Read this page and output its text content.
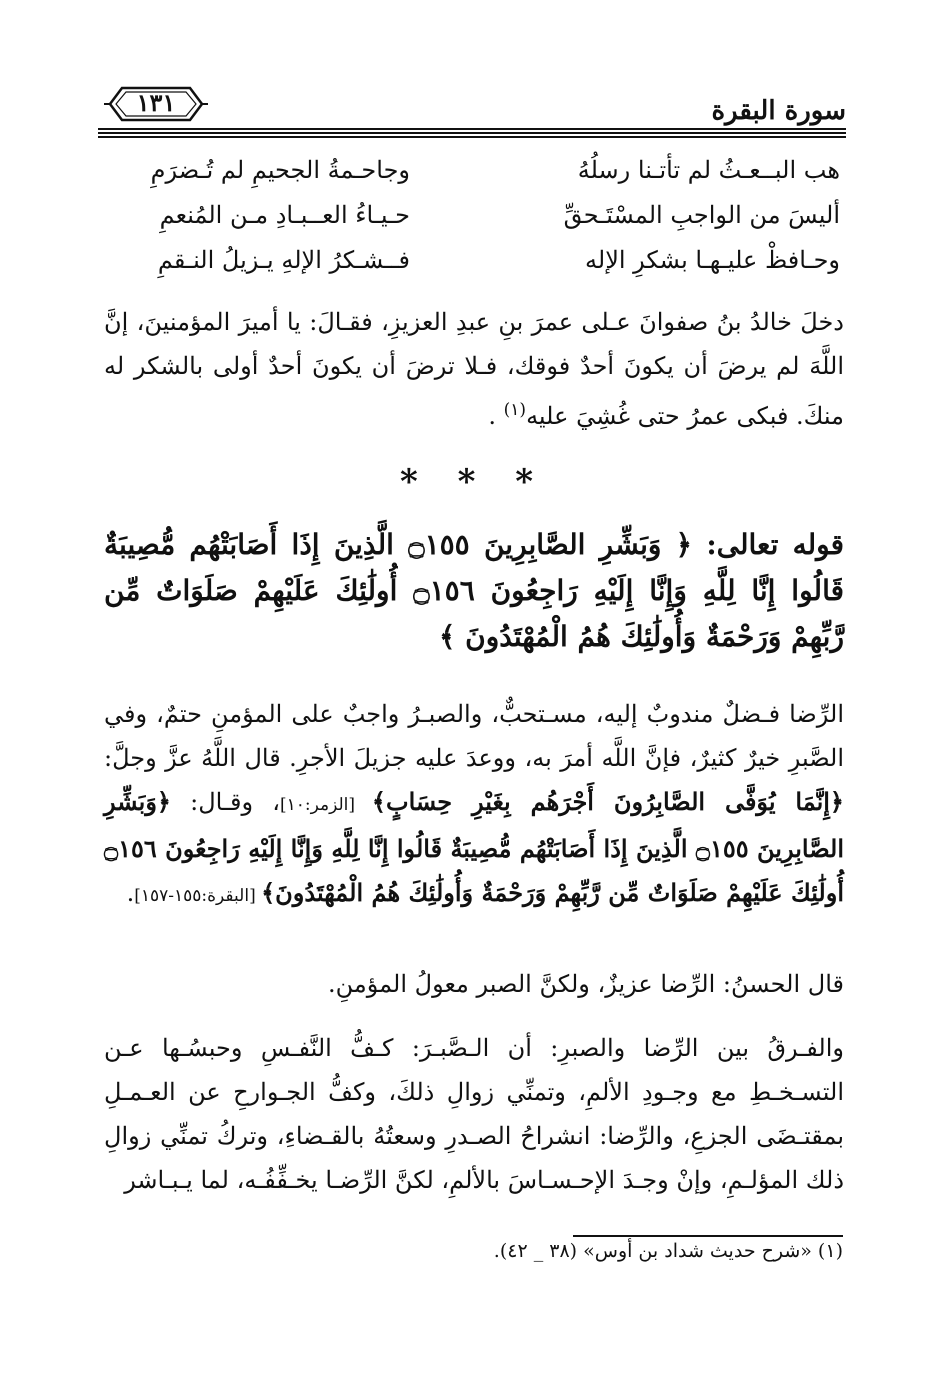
سورة البقرة
١٣١
هب البــعـثُ لم تأتـنا رسلُهُ
وجاحـمةُ الجحيمِ لم تُـضرَمِ
أليسَ من الواجبِ المسْتَـحقِّ
حـيـاءُ العــبـادِ مـن المُنعمِ
وحـافظْ عليـهـا بشكرِ الإله
فــشـكرُ الإلهِ يـزيلُ النـقمِ
دخلَ خالدُ بنُ صفوانَ عـلى عمرَ بنِ عبدِ العزيزِ، فقـالَ: يا أميرَ المؤمنينَ، إنَّ اللَّهَ لم يرضَ أن يكونَ أحدٌ فوقك، فـلا ترضَ أن يكونَ أحدٌ أولى بالشكر له منكَ. فبكى عمرُ حتى غُشِيَ عليه$^{(١)}$ .
* * *
قوله تعالى: ﴿ وَبَشِّرِ الصَّابِرِينَ ۝١٥٥ الَّذِينَ إِذَا أَصَابَتْهُم مُّصِيبَةٌ قَالُوا إِنَّا لِلَّهِ وَإِنَّا إِلَيْهِ رَاجِعُونَ ۝١٥٦ أُولَٰئِكَ عَلَيْهِمْ صَلَوَاتٌ مِّن رَّبِّهِمْ وَرَحْمَةٌ وَأُولَٰئِكَ هُمُ الْمُهْتَدُونَ ﴾
الرِّضا فـضلٌ مندوبٌ إليه، مسـتحبٌّ، والصبـرُ واجبٌ على المؤمنِ حتمٌ، وفي الصَّبرِ خيرٌ كثيرٌ، فإنَّ اللَّه أمرَ به، ووعدَ عليه جزيلَ الأجرِ. قال اللَّهُ عزَّ وجلَّ: ﴿إِنَّمَا يُوَفَّى الصَّابِرُونَ أَجْرَهُم بِغَيْرِ حِسَابٍ﴾ [الزمر:١٠]، وقـال: ﴿وَبَشِّرِ الصَّابِرِينَ ۝١٥٥ الَّذِينَ إِذَا أَصَابَتْهُم مُّصِيبَةٌ قَالُوا إِنَّا لِلَّهِ وَإِنَّا إِلَيْهِ رَاجِعُونَ ۝١٥٦ أُولَٰئِكَ عَلَيْهِمْ صَلَوَاتٌ مِّن رَّبِّهِمْ وَرَحْمَةٌ وَأُولَٰئِكَ هُمُ الْمُهْتَدُونَ﴾ [البقرة:١٥٥-١٥٧].
قال الحسنُ: الرِّضا عزيزٌ، ولكنَّ الصبر معولُ المؤمنِ.
والفـرقُ بين الرِّضا والصبرِ: أن الـصَّبـرَ: كـفُّ النَّفـسِ وحبسُـها عـن التسـخـطِ مع وجـودِ الألمِ، وتمنِّي زوالِ ذلكَ، وكفُّ الجـوارحِ عن العـمـلِ بمقتـضَى الجزعِ، والرِّضا: انشراحُ الصـدرِ وسعتُهُ بالقـضاءِ، وتركُ تمنِّي زوالِ ذلك المؤلـمِ، وإنْ وجـدَ الإحـسـاسَ بالألمِ، لكنَّ الرِّضـا يخـفِّفُـه، لما يـبـاشر
(١) «شرح حديث شداد بن أوس» (٣٨ _ ٤٢).
